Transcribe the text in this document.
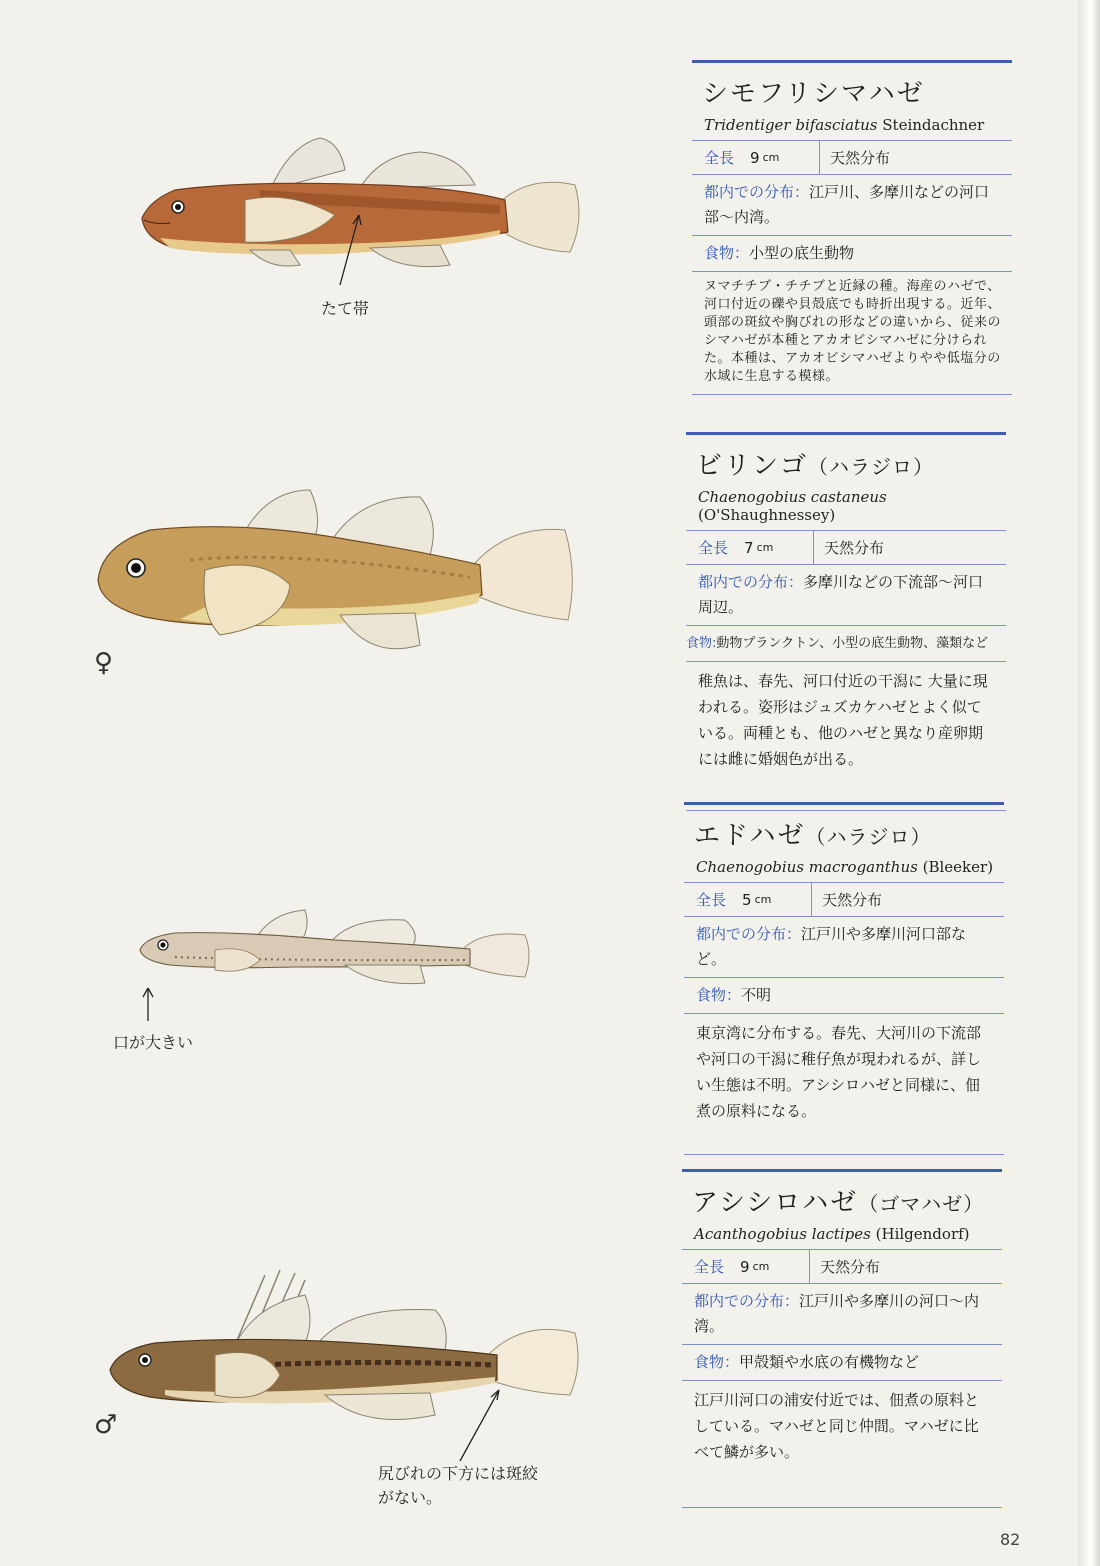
たて帯
♀
口が大きい
♂
尻びれの下方には斑絞
がない。
シモフリシマハゼ
Tridentiger bifasciatus Steindachner
全長 9 cm	天然分布
都内での分布：江戸川、多摩川などの河口部～内湾。
食物：小型の底生動物
ヌマチチブ・チチブと近縁の種。海産のハゼで、河口付近の礫や貝殻底でも時折出現する。近年、頭部の斑紋や胸びれの形などの違いから、従来のシマハゼが本種とアカオビシマハゼに分けられた。本種は、アカオビシマハゼよりやや低塩分の水域に生息する模様。
ビリンゴ（ハラジロ）
Chaenogobius castaneus (O'Shaughnessey)
全長 7 cm	天然分布
都内での分布：多摩川などの下流部～河口周辺。
食物:動物プランクトン、小型の底生動物、藻類など
稚魚は、春先、河口付近の干潟に 大量に現われる。姿形はジュズカケハゼとよく似ている。両種とも、他のハゼと異なり産卵期には雌に婚姻色が出る。
エドハゼ（ハラジロ）
Chaenogobius macroganthus (Bleeker)
全長 5 cm	天然分布
都内での分布：江戸川や多摩川河口部など。
食物：不明
東京湾に分布する。春先、大河川の下流部や河口の干潟に稚仔魚が現われるが、詳しい生態は不明。アシシロハゼと同様に、佃煮の原料になる。
アシシロハゼ（ゴマハゼ）
Acanthogobius lactipes (Hilgendorf)
全長 9 cm	天然分布
都内での分布：江戸川や多摩川の河口～内湾。
食物：甲殻類や水底の有機物など
江戸川河口の浦安付近では、佃煮の原料としている。マハゼと同じ仲間。マハゼに比べて鱗が多い。
82
